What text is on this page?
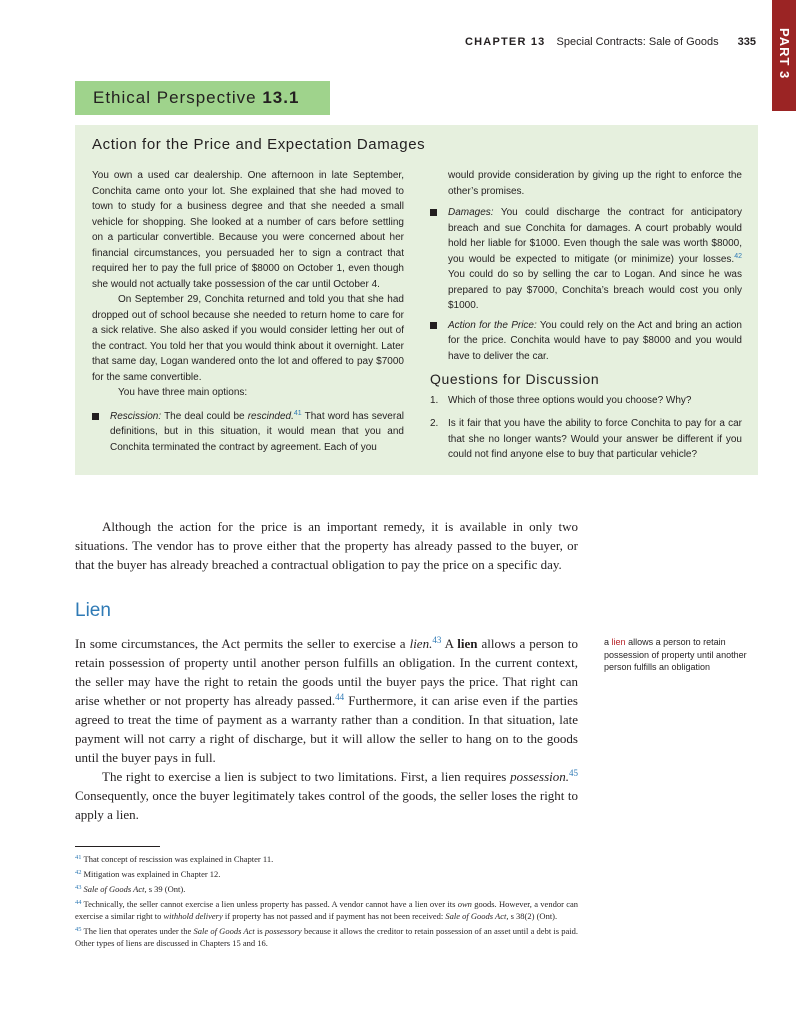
CHAPTER 13 Special Contracts: Sale of Goods 335 PART 3
Ethical Perspective 13.1
Action for the Price and Expectation Damages

You own a used car dealership. One afternoon in late September, Conchita came onto your lot. She explained that she had moved to town to study for a business degree and that she needed a small vehicle for shopping. She looked at a number of cars before settling on a particular convertible. Because you were concerned about her financial circumstances, you persuaded her to sign a contract that required her to pay the full price of $8000 on October 1, even though she would not actually take possession of the car until October 4.

On September 29, Conchita returned and told you that she had dropped out of school because she needed to return home to care for a sick relative. She also asked if you would consider letting her out of the contract. You told her that you would think about it overnight. Later that same day, Logan wandered onto the lot and offered to pay $7000 for the same convertible.

You have three main options:

Rescission: The deal could be rescinded.$^{41}$ That word has several definitions, but in this situation, it would mean that you and Conchita terminated the contract by agreement. Each of you

would provide consideration by giving up the right to enforce the other’s promises.

Damages: You could discharge the contract for anticipatory breach and sue Conchita for damages. A court probably would hold her liable for $1000. Even though the sale was worth $8000, you would be expected to mitigate (or minimize) your losses.$^{42}$ You could do so by selling the car to Logan. And since he was prepared to pay $7000, Conchita’s breach would cost you only $1000.

Action for the Price: You could rely on the Act and bring an action for the price. Conchita would have to pay $8000 and you would have to deliver the car.

Questions for Discussion

1. Which of those three options would you choose? Why?

2. Is it fair that you have the ability to force Conchita to pay for a car that she no longer wants? Would your answer be different if you could not find anyone else to buy that particular vehicle?

Although the action for the price is an important remedy, it is available in only two situations. The vendor has to prove either that the property has already passed to the buyer, or that the buyer has already breached a contractual obligation to pay the price on a specific day.

Lien

In some circumstances, the Act permits the seller to exercise a lien.$^{43}$ A lien allows a person to retain possession of property until another person fulfills an obligation. In the current context, the seller may have the right to retain the goods until the buyer pays the price. That right can arise whether or not property has already passed.$^{44}$ Furthermore, it can arise even if the parties agreed to treat the time of payment as a warranty rather than a condition. In that situation, late payment will not carry a right of discharge, but it will allow the seller to hang on to the goods until the buyer pays in full.

The right to exercise a lien is subject to two limitations. First, a lien requires possession.$^{45}$ Consequently, once the buyer legitimately takes control of the goods, the seller loses the right to apply a lien.

a lien allows a person to retain possession of property until another person fulfills an obligation

$^{41}$ That concept of rescission was explained in Chapter 11.

$^{42}$ Mitigation was explained in Chapter 12.

$^{43}$ Sale of Goods Act, s 39 (Ont).

$^{44}$ Technically, the seller cannot exercise a lien unless property has passed. A vendor cannot have a lien over its own goods. However, a vendor can exercise a similar right to withhold delivery if property has not passed and if payment has not been received: Sale of Goods Act, s 38(2) (Ont).

$^{45}$ The lien that operates under the Sale of Goods Act is possessory because it allows the creditor to retain possession of an asset until a debt is paid. Other types of liens are discussed in Chapters 15 and 16.
